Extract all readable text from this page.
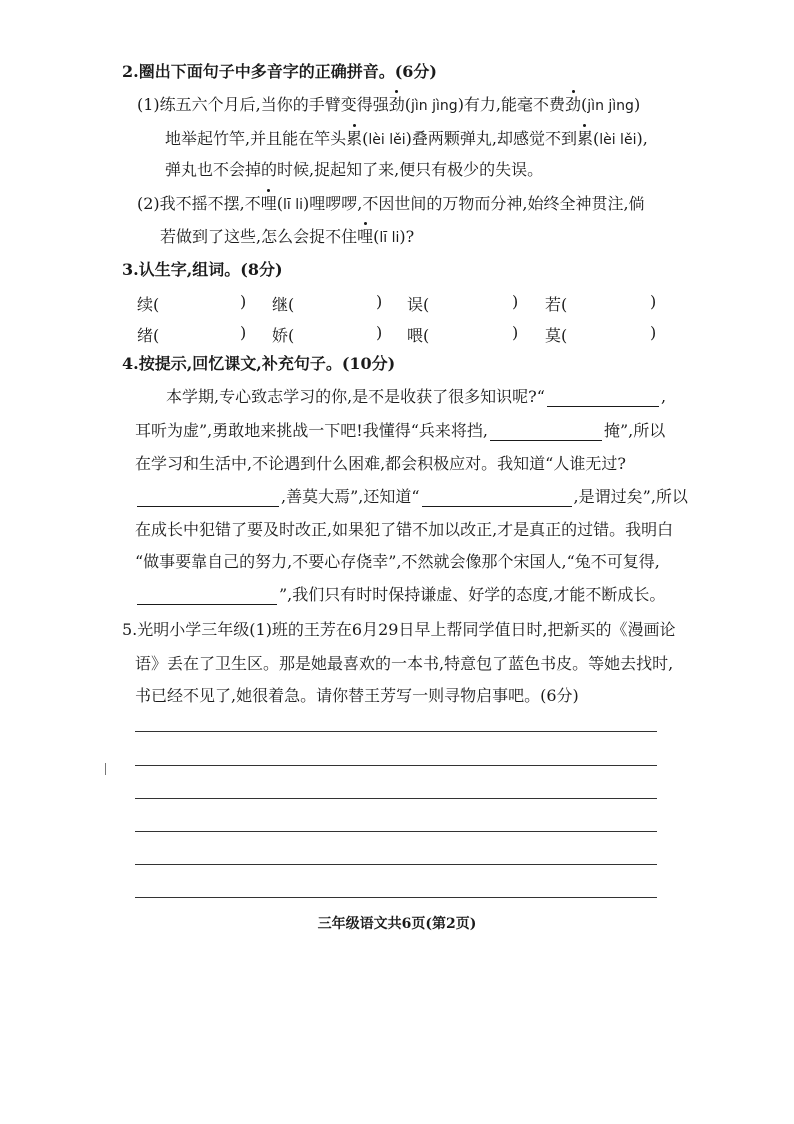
2.圈出下面句子中多音字的正确拼音。(6分)
(1)练五六个月后,当你的手臂变得强劲(jìn jìng)有力,能毫不费劲(jìn jìng)
地举起竹竿,并且能在竿头累(lèi lěi)叠两颗弹丸,却感觉不到累(lèi lěi),
弹丸也不会掉的时候,捉起知了来,便只有极少的失误。
(2)我不摇不摆,不哩(lī li)哩啰啰,不因世间的万物而分神,始终全神贯注,倘
若做到了这些,怎么会捉不住哩(lī li)?
3.认生字,组词。(8分)
续(	) 继(	) 误(	) 若(	)
绪(	) 娇(	) 喂(	) 莫(	)
4.按提示,回忆课文,补充句子。(10分)
本学期,专心致志学习的你,是不是收获了很多知识呢?“	,
耳听为虚”,勇敢地来挑战一下吧!我懂得“兵来将挡,	掩”,所以
在学习和生活中,不论遇到什么困难,都会积极应对。我知道“人谁无过?
,善莫大焉”,还知道“	,是谓过矣”,所以
在成长中犯错了要及时改正,如果犯了错不加以改正,才是真正的过错。我明白
“做事要靠自己的努力,不要心存侥幸”,不然就会像那个宋国人,“兔不可复得,
”,我们只有时时保持谦虚、好学的态度,才能不断成长。
5.光明小学三年级(1)班的王芳在6月29日早上帮同学值日时,把新买的《漫画论
语》丢在了卫生区。那是她最喜欢的一本书,特意包了蓝色书皮。等她去找时,
书已经不见了,她很着急。请你替王芳写一则寻物启事吧。(6分)
三年级语文共6页(第2页)
